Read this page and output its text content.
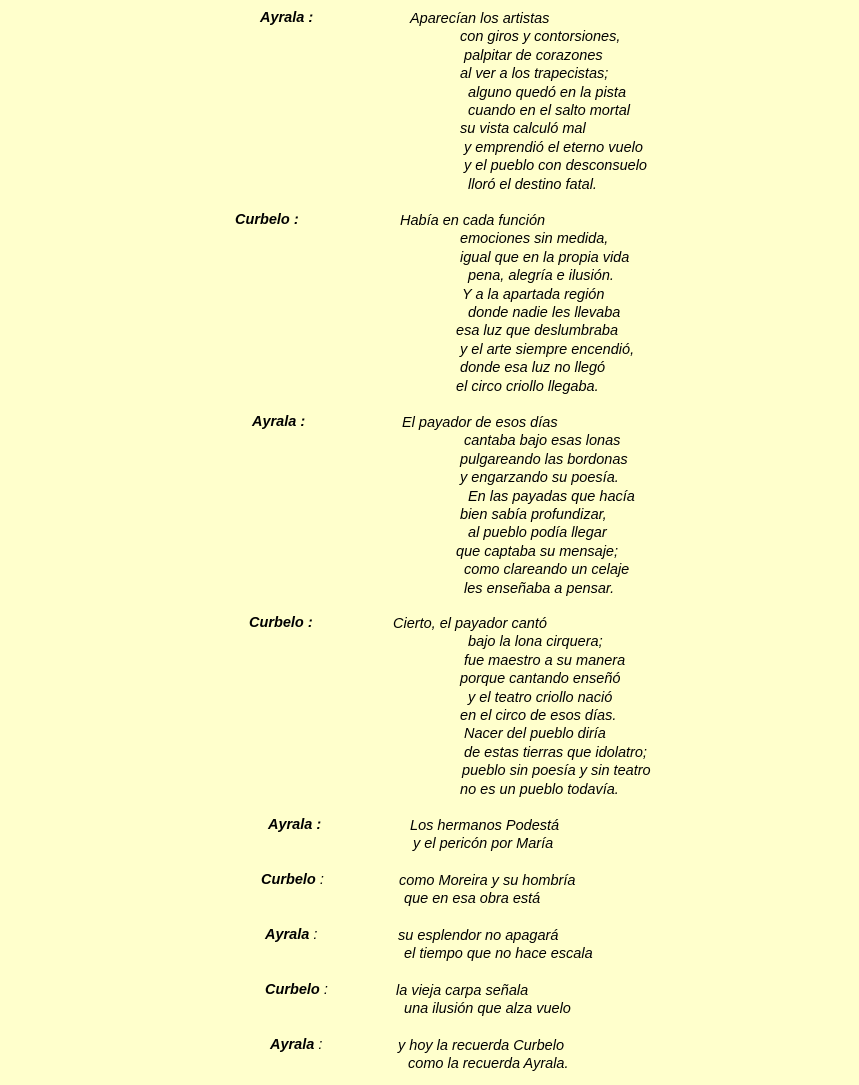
Ayrala :	Aparecían los artistas
con giros y contorsiones,
palpitar de corazones
al ver a los trapecistas;
alguno quedó en la pista
cuando en el salto mortal
su vista calculó mal
y emprendió el eterno vuelo
y el pueblo con desconsuelo
lloró el destino fatal.
Curbelo :	Había en cada función
emociones sin medida,
igual que en la propia vida
pena, alegría e ilusión.
Y a la apartada región
donde nadie les llevaba
esa luz que deslumbraba
y el arte siempre encendió,
donde esa luz no llegó
el circo criollo llegaba.
Ayrala :	El payador de esos días
cantaba bajo esas lonas
pulgareando las bordonas
y engarzando su poesía.
En las payadas que hacía
bien sabía profundizar,
al pueblo podía llegar
que captaba su mensaje;
como clareando un celaje
les enseñaba a pensar.
Curbelo :	Cierto, el payador cantó
bajo la lona cirquera;
fue maestro a su manera
porque cantando enseñó
y el teatro criollo nació
en el circo de esos días.
Nacer del pueblo diría
de estas tierras que idolatro;
pueblo sin poesía y sin teatro
no es un pueblo todavía.
Ayrala :	Los hermanos Podestá
y el pericón por María
Curbelo :	como Moreira y su hombría
que en esa obra está
Ayrala :	su esplendor no apagará
el tiempo que no hace escala
Curbelo :	la vieja carpa señala
una ilusión que alza vuelo
Ayrala :	y hoy la recuerda Curbelo
como la recuerda Ayrala.
